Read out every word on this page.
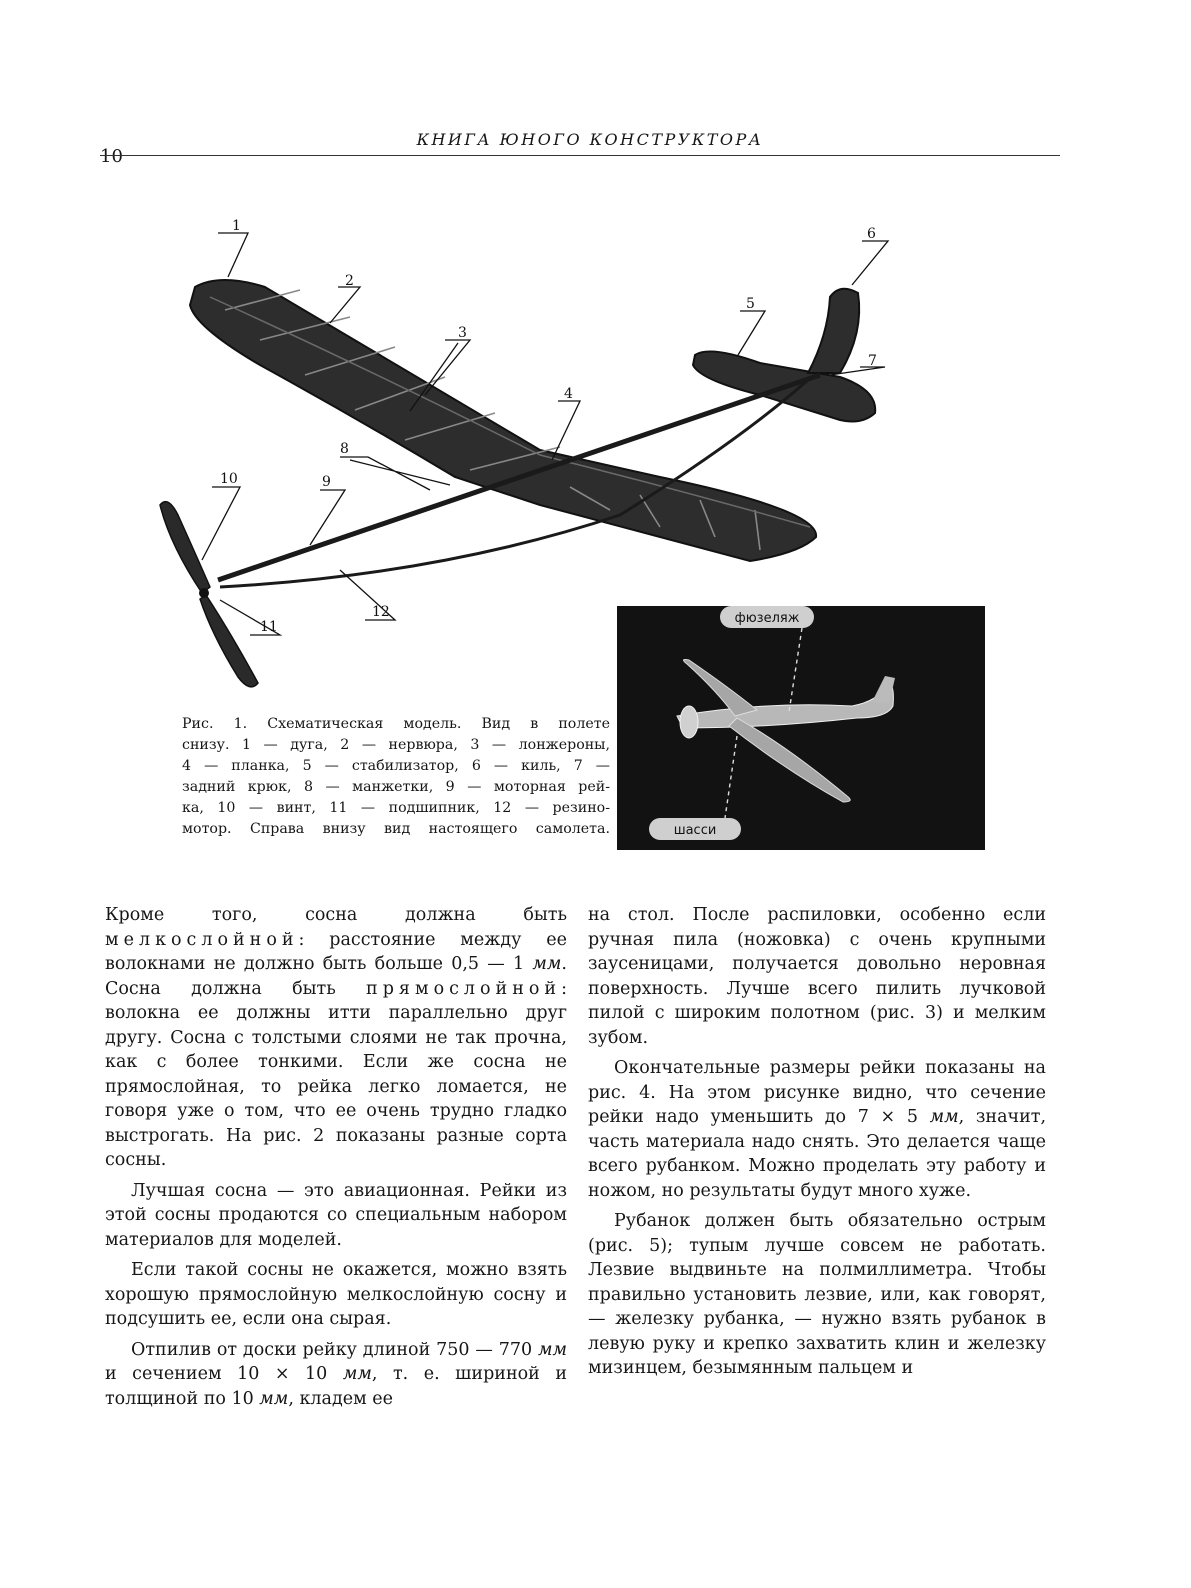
10
КНИГА ЮНОГО КОНСТРУКТОРА
1
2
3
4
5
6
7
8
9
10
11
12	фюзеляж
шасси

Рис. 1. Схематическая модель. Вид в полете

снизу. 1 — дуга, 2 — нервюра, 3 — лонжероны,

4 — планка, 5 — стабилизатор, 6 — киль, 7 —

задний крюк, 8 — манжетки, 9 — моторная рей-

ка, 10 — винт, 11 — подшипник, 12 — резино-

мотор. Справа внизу вид настоящего самолета.

Кроме того, сосна должна быть мелкослойной: расстояние между ее волокнами не должно быть больше 0,5 — 1 мм. Сосна должна быть прямослойной: волокна ее должны итти параллельно друг другу. Сосна с толстыми слоями не так прочна, как с более тонкими. Если же сосна не прямослойная, то рейка легко ломается, не говоря уже о том, что ее очень трудно гладко выстрогать. На рис. 2 показаны разные сорта сосны.

Лучшая сосна — это авиационная. Рейки из этой сосны продаются со специальным набором материалов для моделей.

Если такой сосны не окажется, можно взять хорошую прямослойную мелкослойную сосну и подсушить ее, если она сырая.

Отпилив от доски рейку длиной 750 — 770 мм и сечением 10 × 10 мм, т. е. шириной и толщиной по 10 мм, кладем ее

на стол. После распиловки, особенно если ручная пила (ножовка) с очень крупными заусеницами, получается довольно неровная поверхность. Лучше всего пилить лучковой пилой с широким полотном (рис. 3) и мелким зубом.

Окончательные размеры рейки показаны на рис. 4. На этом рисунке видно, что сечение рейки надо уменьшить до 7 × 5 мм, значит, часть материала надо снять. Это делается чаще всего рубанком. Можно проделать эту работу и ножом, но результаты будут много хуже.

Рубанок должен быть обязательно острым (рис. 5); тупым лучше совсем не работать. Лезвие выдвиньте на полмиллиметра. Чтобы правильно установить лезвие, или, как говорят, — железку рубанка, — нужно взять рубанок в левую руку и крепко захватить клин и железку мизинцем, безымянным пальцем и
